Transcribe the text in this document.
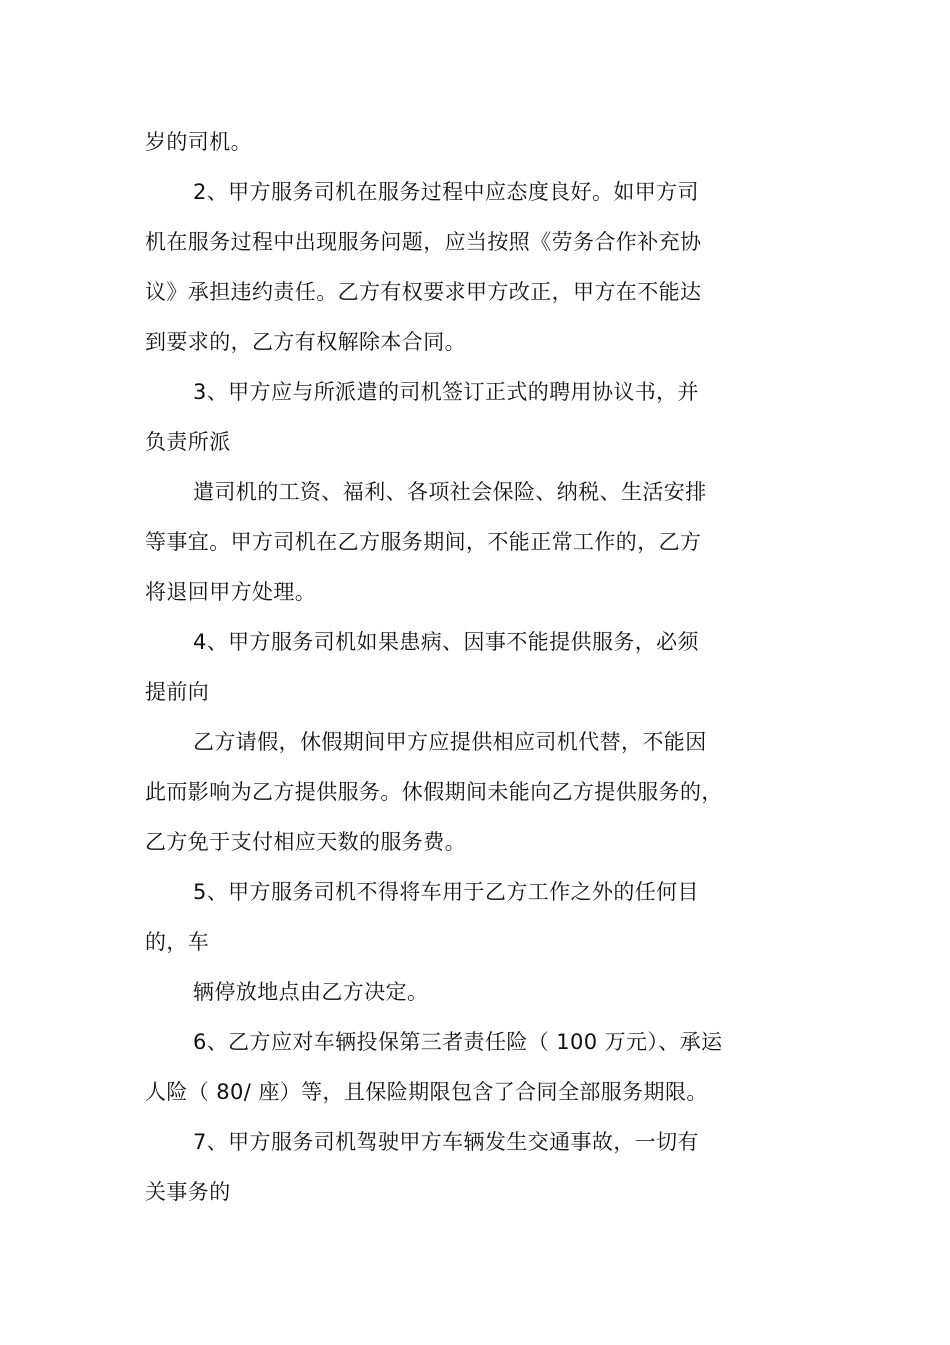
岁的司机。
2、甲方服务司机在服务过程中应态度良好。如甲方司
机在服务过程中出现服务问题，应当按照《劳务合作补充协
议》承担违约责任。乙方有权要求甲方改正，甲方在不能达
到要求的，乙方有权解除本合同。
3、甲方应与所派遣的司机签订正式的聘用协议书，并
负责所派
遣司机的工资、福利、各项社会保险、纳税、生活安排
等事宜。甲方司机在乙方服务期间，不能正常工作的，乙方
将退回甲方处理。
4、甲方服务司机如果患病、因事不能提供服务，必须
提前向
乙方请假，休假期间甲方应提供相应司机代替，不能因
此而影响为乙方提供服务。休假期间未能向乙方提供服务的，
乙方免于支付相应天数的服务费。
5、甲方服务司机不得将车用于乙方工作之外的任何目
的，车
辆停放地点由乙方决定。
6、乙方应对车辆投保第三者责任险（ 100 万元）、承运
人险（ 80/ 座）等，且保险期限包含了合同全部服务期限。
7、甲方服务司机驾驶甲方车辆发生交通事故，一切有
关事务的
